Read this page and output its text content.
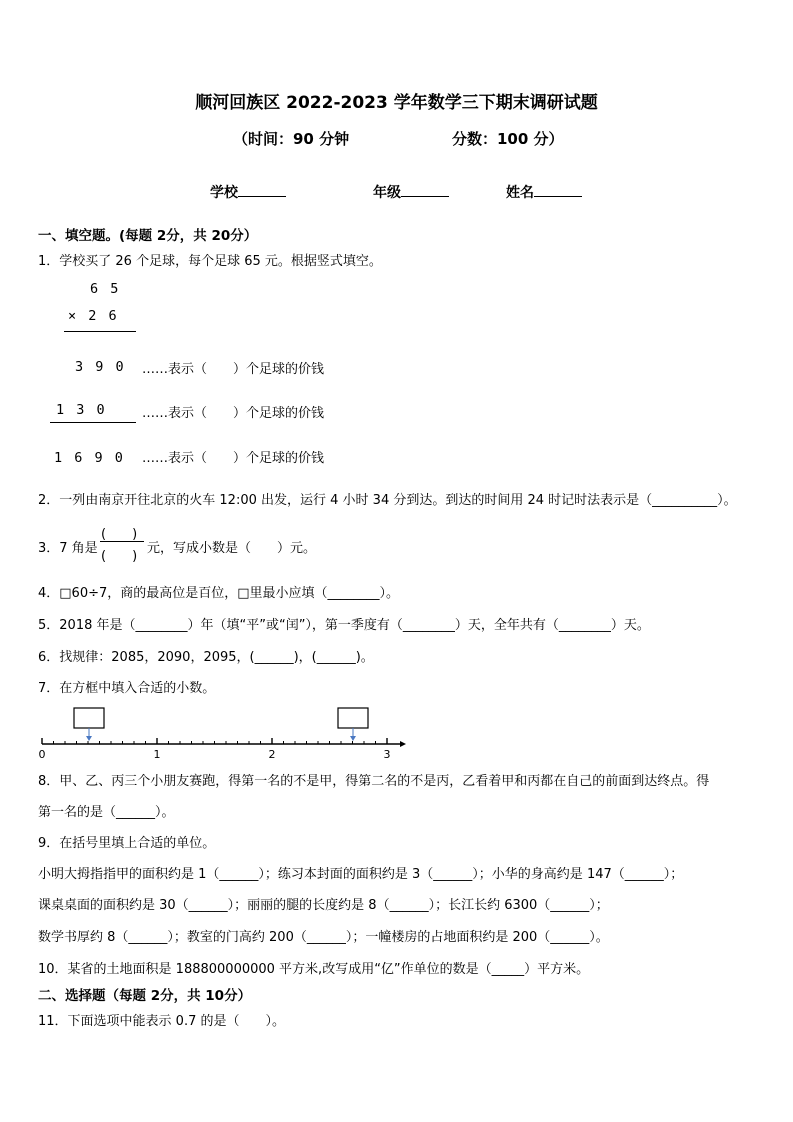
顺河回族区 2022-2023 学年数学三下期末调研试题
（时间：90 分钟	分数：100 分）
学校	年级	姓名
一、填空题。(每题 2分，共 20分）
1．学校买了 26 个足球，每个足球 65 元。根据竖式填空。
6 5
× 2 6
3 9 0 ……表示（　　）个足球的价钱
1 3 0	……表示（　　）个足球的价钱
1 6 9 0 ……表示（　　）个足球的价钱
2．一列由南京开往北京的火车 12:00 出发，运行 4 小时 34 分到达。到达的时间用 24 时记时法表示是（__________）。
3．7 角是
(　　)
(　　)
元，写成小数是（　　）元。
4．□60÷7，商的最高位是百位，□里最小应填（________）。
5．2018 年是（________）年（填“平”或“闰”），第一季度有（________）天，全年共有（________）天。
6．找规律：2085，2090，2095，(______)，(______)。
7．在方框中填入合适的小数。
0	1	2	3
8．甲、乙、丙三个小朋友赛跑，得第一名的不是甲，得第二名的不是丙，乙看着甲和丙都在自己的前面到达终点。得
第一名的是（______）。
9．在括号里填上合适的单位。
小明大拇指指甲的面积约是 1（______）；练习本封面的面积约是 3（______）；小华的身高约是 147（______）；
课桌桌面的面积约是 30（______）；丽丽的腿的长度约是 8（______）；长江长约 6300（______）；
数学书厚约 8（______）；教室的门高约 200（______）；一幢楼房的占地面积约是 200（______）。
10．某省的土地面积是 188800000000 平方米,改写成用“亿”作单位的数是（_____）平方米。
二、选择题（每题 2分，共 10分）
11．下面选项中能表示 0.7 的是（　　）。
